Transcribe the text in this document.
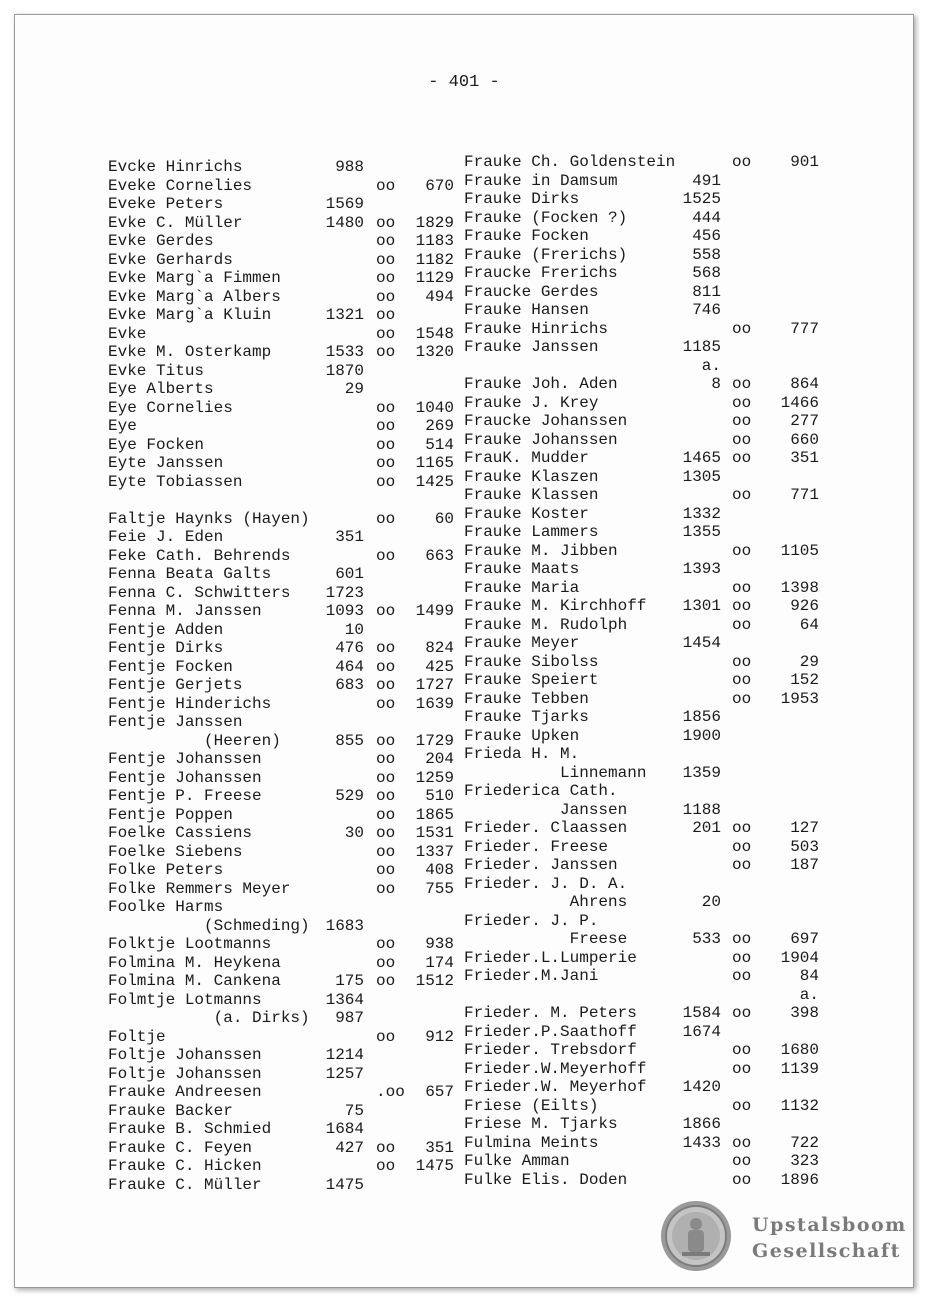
- 401 -
Evcke Hinrichs	988
Eveke Cornelies	oo 670
Eveke Peters	1569
Evke C. Müller	1480 oo 1829
Evke Gerdes	oo 1183
Evke Gerhards	oo 1182
Evke Marg`a Fimmen	oo 1129
Evke Marg`a Albers	oo 494
Evke Marg`a Kluin	1321 oo
Evke	oo 1548
Evke M. Osterkamp	1533 oo 1320
Evke Titus	1870
Eye Alberts	29
Eye Cornelies	oo 1040
Eye	oo 269
Eye Focken	oo 514
Eyte Janssen	oo 1165
Eyte Tobiassen	oo 1425
Faltje Haynks (Hayen)	oo 60
Feie J. Eden	351
Feke Cath. Behrends	oo 663
Fenna Beata Galts	601
Fenna C. Schwitters 1723
Fenna M. Janssen	1093 oo 1499
Fentje Adden	10
Fentje Dirks	476 oo 824
Fentje Focken	464 oo 425
Fentje Gerjets	683 oo 1727
Fentje Hinderichs	oo 1639
Fentje Janssen
(Heeren)	855 oo 1729
Fentje Johanssen	oo 204
Fentje Johanssen	oo 1259
Fentje P. Freese	529 oo 510
Fentje Poppen	oo 1865
Foelke Cassiens	30 oo 1531
Foelke Siebens	oo 1337
Folke Peters	oo 408
Folke Remmers Meyer	oo 755
Foolke Harms
(Schmeding) 1683
Folktje Lootmanns	oo 938
Folmina M. Heykena	oo 174
Folmina M. Cankena	175 oo 1512
Folmtje Lotmanns	1364
(a. Dirks) 987
Foltje	oo 912
Foltje Johanssen	1214
Foltje Johanssen	1257
Frauke Andreesen	.oo 657
Frauke Backer	75
Frauke B. Schmied	1684
Frauke C. Feyen	427 oo 351
Frauke C. Hicken	oo 1475
Frauke C. Müller	1475
Frauke Ch. Goldenstein	oo 901
Frauke in Damsum	491
Frauke Dirks	1525
Frauke (Focken ?)	444
Frauke Focken	456
Frauke (Frerichs)	558
Fraucke Frerichs	568
Fraucke Gerdes	811
Frauke Hansen	746
Frauke Hinrichs	oo 777
Frauke Janssen	1185
a.
Frauke Joh. Aden	8 oo 864
Frauke J. Krey	oo 1466
Fraucke Johanssen	oo 277
Frauke Johanssen	oo 660
FrauK. Mudder	1465 oo 351
Frauke Klaszen	1305
Frauke Klassen	oo 771
Frauke Koster	1332
Frauke Lammers	1355
Frauke M. Jibben	oo 1105
Frauke Maats	1393
Frauke Maria	oo 1398
Frauke M. Kirchhoff 1301 oo 926
Frauke M. Rudolph	oo	64
Frauke Meyer	1454
Frauke Sibolss	oo	29
Frauke Speiert	oo 152
Frauke Tebben	oo 1953
Frauke Tjarks	1856
Frauke Upken	1900
Frieda H. M.
Linnemann 1359
Friederica Cath.
Janssen	1188
Frieder. Claassen	201 oo 127
Frieder. Freese	oo 503
Frieder. Janssen	oo 187
Frieder. J. D. A.
Ahrens	20
Frieder. J. P.
Freese	533 oo 697
Frieder.L.Lumperie	oo 1904
Frieder.M.Jani	oo	84
a.
Frieder. M. Peters	1584 oo 398
Frieder.P.Saathoff	1674
Frieder. Trebsdorf	oo 1680
Frieder.W.Meyerhoff	oo 1139
Frieder.W. Meyerhof 1420
Friese (Eilts)	oo 1132
Friese M. Tjarks	1866
Fulmina Meints	1433 oo 722
Fulke Amman	oo 323
Fulke Elis. Doden	oo 1896
Upstalsboom
Gesellschaft
